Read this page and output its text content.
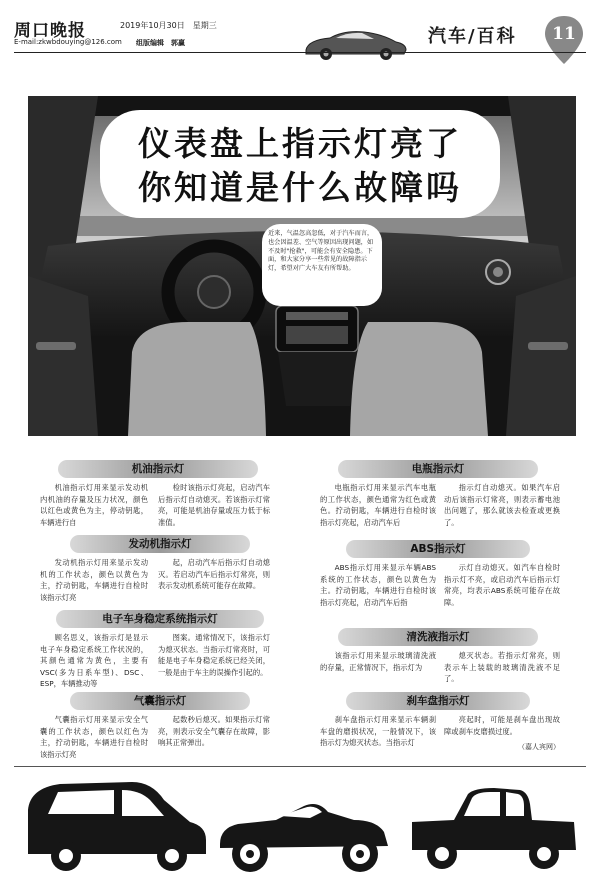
周口晚报	2019年10月30日　星期三
E-mail:zkwbdouying@126.com 组版编辑　郭赢	汽车/百科	11
仪表盘上指示灯亮了
你知道是什么故障吗
近来，气温忽高忽低，对于汽车而言，也会因温差、空气等原因出现问题，如不及时"抢救"，可能会有安全隐患。下面，和大家分享一些常见的故障指示灯，希望对广大车友有所帮助。
机油指示灯
机油指示灯用来显示发动机内机油的存量及压力状况，颜色以红色或黄色为主，停动钥匙，车辆进行自
检时该指示灯亮起，启动汽车后指示灯自动熄灭。若该指示灯常亮，可能是机油存量或压力低于标准值。
发动机指示灯
发动机指示灯用来显示发动机的工作状态，颜色以黄色为主，拧动钥匙，车辆进行自检时该指示灯亮
起，启动汽车后指示灯自动熄灭。若启动汽车后指示灯常亮，则表示发动机系统可能存在故障。
电子车身稳定系统指示灯
顾名思义，该指示灯是显示电子车身稳定系统工作状况的，其颜色通常为黄色，主要有VSC(多为日系车型)、DSC、ESP，车辆推动等
图案。通常情况下，该指示灯为熄灭状态。当指示灯常亮时，可能是电子车身稳定系统已经关闭，一般是由于车主的误操作引起的。
气囊指示灯
气囊指示灯用来显示安全气囊的工作状态，颜色以红色为主，拧动钥匙，车辆进行自检时该指示灯亮
起数秒后熄灭。如果指示灯常亮，则表示安全气囊存在故障，影响其正常弹出。
电瓶指示灯
电瓶指示灯用来显示汽车电瓶的工作状态，颜色通常为红色或黄色。拧动钥匙，车辆进行自检时该指示灯亮起，启动汽车后
指示灯自动熄灭。如果汽车启动后该指示灯常亮，则表示蓄电池出问题了，那么就该去检查或更换了。
ABS指示灯
ABS指示灯用来显示车辆ABS系统的工作状态，颜色以黄色为主。拧动钥匙，车辆进行自检时该指示灯亮起，启动汽车后指
示灯自动熄灭。如汽车自检时指示灯不亮，或启动汽车后指示灯常亮，均表示ABS系统可能存在故障。
清洗液指示灯
该指示灯用来显示玻璃清洗液的存量，正常情况下，指示灯为
熄灭状态。若指示灯常亮，则表示车上装载的玻璃清洗液不足了。
刹车盘指示灯
刹车盘指示灯用来显示车辆刹车盘的磨损状况，一般情况下，该指示灯为熄灭状态。当指示灯
亮起时，可能是刹车盘出现故障或刹车皮磨损过度。
（嘉人宾网）
